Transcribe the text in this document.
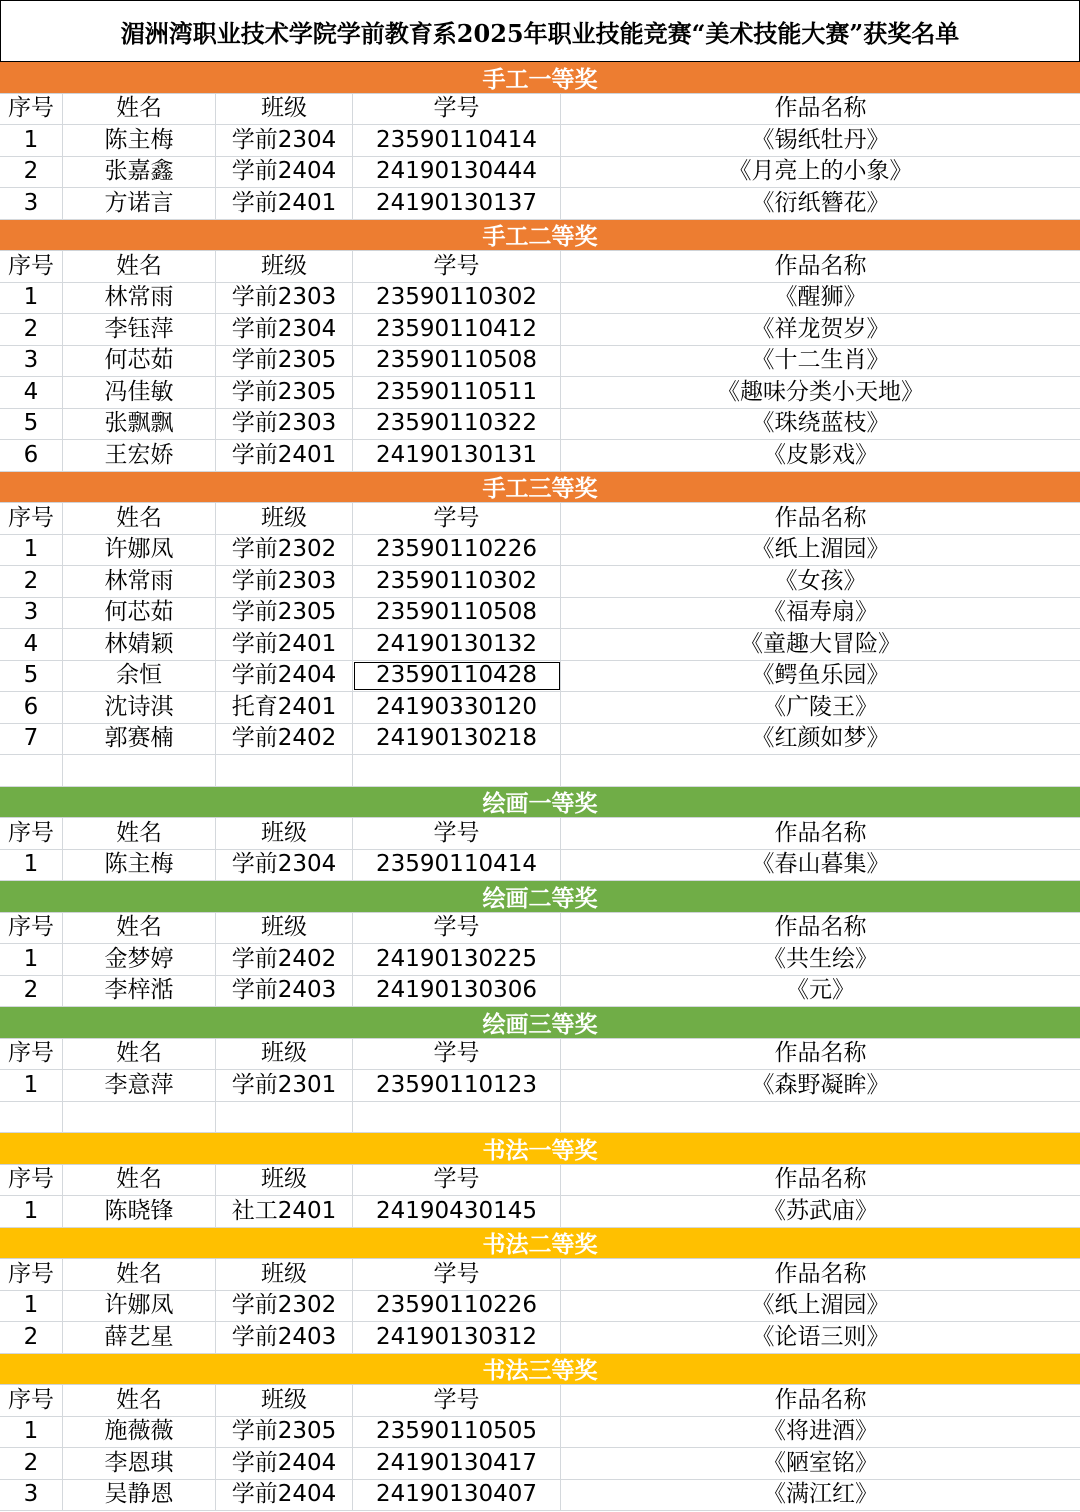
湄洲湾职业技术学院学前教育系2025年职业技能竞赛“美术技能大赛”获奖名单
手工一等奖
序号	姓名	班级	学号	作品名称
1	陈主梅	学前2304	23590110414	《锡纸牡丹》
2	张嘉鑫	学前2404	24190130444	《月亮上的小象》
3	方诺言	学前2401	24190130137	《衍纸簪花》
手工二等奖
序号	姓名	班级	学号	作品名称
1	林常雨	学前2303	23590110302	《醒狮》
2	李钰萍	学前2304	23590110412	《祥龙贺岁》
3	何芯茹	学前2305	23590110508	《十二生肖》
4	冯佳敏	学前2305	23590110511	《趣味分类小天地》
5	张飘飘	学前2303	23590110322	《珠绕蓝枝》
6	王宏娇	学前2401	24190130131	《皮影戏》
手工三等奖
序号	姓名	班级	学号	作品名称
1	许娜凤	学前2302	23590110226	《纸上湄园》
2	林常雨	学前2303	23590110302	《女孩》
3	何芯茹	学前2305	23590110508	《福寿扇》
4	林婧颖	学前2401	24190130132	《童趣大冒险》
5	余恒	学前2404	23590110428	《鳄鱼乐园》
6	沈诗淇	托育2401	24190330120	《广陵王》
7	郭赛楠	学前2402	24190130218	《红颜如梦》
绘画一等奖
序号	姓名	班级	学号	作品名称
1	陈主梅	学前2304	23590110414	《春山暮集》
绘画二等奖
序号	姓名	班级	学号	作品名称
1	金梦婷	学前2402	24190130225	《共生绘》
2	李梓湉	学前2403	24190130306	《元》
绘画三等奖
序号	姓名	班级	学号	作品名称
1	李意萍	学前2301	23590110123	《森野凝眸》
书法一等奖
序号	姓名	班级	学号	作品名称
1	陈晓锋	社工2401	24190430145	《苏武庙》
书法二等奖
序号	姓名	班级	学号	作品名称
1	许娜凤	学前2302	23590110226	《纸上湄园》
2	薛艺星	学前2403	24190130312	《论语三则》
书法三等奖
序号	姓名	班级	学号	作品名称
1	施薇薇	学前2305	23590110505	《将进酒》
2	李恩琪	学前2404	24190130417	《陋室铭》
3	吴静恩	学前2404	24190130407	《满江红》
